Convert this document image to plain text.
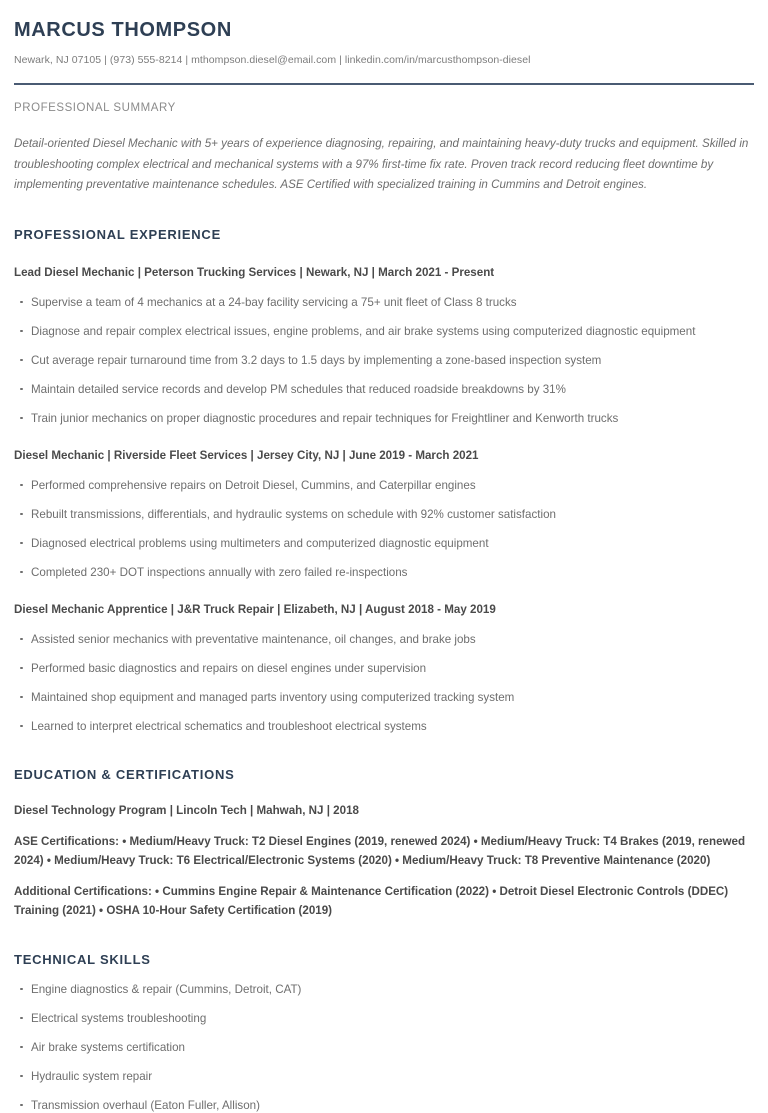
MARCUS THOMPSON
Newark, NJ 07105 | (973) 555-8214 | mthompson.diesel@email.com | linkedin.com/in/marcusthompson-diesel
PROFESSIONAL SUMMARY
Detail-oriented Diesel Mechanic with 5+ years of experience diagnosing, repairing, and maintaining heavy-duty trucks and equipment. Skilled in troubleshooting complex electrical and mechanical systems with a 97% first-time fix rate. Proven track record reducing fleet downtime by implementing preventative maintenance schedules. ASE Certified with specialized training in Cummins and Detroit engines.
PROFESSIONAL EXPERIENCE
Lead Diesel Mechanic | Peterson Trucking Services | Newark, NJ | March 2021 - Present
Supervise a team of 4 mechanics at a 24-bay facility servicing a 75+ unit fleet of Class 8 trucks
Diagnose and repair complex electrical issues, engine problems, and air brake systems using computerized diagnostic equipment
Cut average repair turnaround time from 3.2 days to 1.5 days by implementing a zone-based inspection system
Maintain detailed service records and develop PM schedules that reduced roadside breakdowns by 31%
Train junior mechanics on proper diagnostic procedures and repair techniques for Freightliner and Kenworth trucks
Diesel Mechanic | Riverside Fleet Services | Jersey City, NJ | June 2019 - March 2021
Performed comprehensive repairs on Detroit Diesel, Cummins, and Caterpillar engines
Rebuilt transmissions, differentials, and hydraulic systems on schedule with 92% customer satisfaction
Diagnosed electrical problems using multimeters and computerized diagnostic equipment
Completed 230+ DOT inspections annually with zero failed re-inspections
Diesel Mechanic Apprentice | J&R Truck Repair | Elizabeth, NJ | August 2018 - May 2019
Assisted senior mechanics with preventative maintenance, oil changes, and brake jobs
Performed basic diagnostics and repairs on diesel engines under supervision
Maintained shop equipment and managed parts inventory using computerized tracking system
Learned to interpret electrical schematics and troubleshoot electrical systems
EDUCATION & CERTIFICATIONS
Diesel Technology Program | Lincoln Tech | Mahwah, NJ | 2018
ASE Certifications: • Medium/Heavy Truck: T2 Diesel Engines (2019, renewed 2024) • Medium/Heavy Truck: T4 Brakes (2019, renewed 2024) • Medium/Heavy Truck: T6 Electrical/Electronic Systems (2020) • Medium/Heavy Truck: T8 Preventive Maintenance (2020)
Additional Certifications: • Cummins Engine Repair & Maintenance Certification (2022) • Detroit Diesel Electronic Controls (DDEC) Training (2021) • OSHA 10-Hour Safety Certification (2019)
TECHNICAL SKILLS
Engine diagnostics & repair (Cummins, Detroit, CAT)
Electrical systems troubleshooting
Air brake systems certification
Hydraulic system repair
Transmission overhaul (Eaton Fuller, Allison)
